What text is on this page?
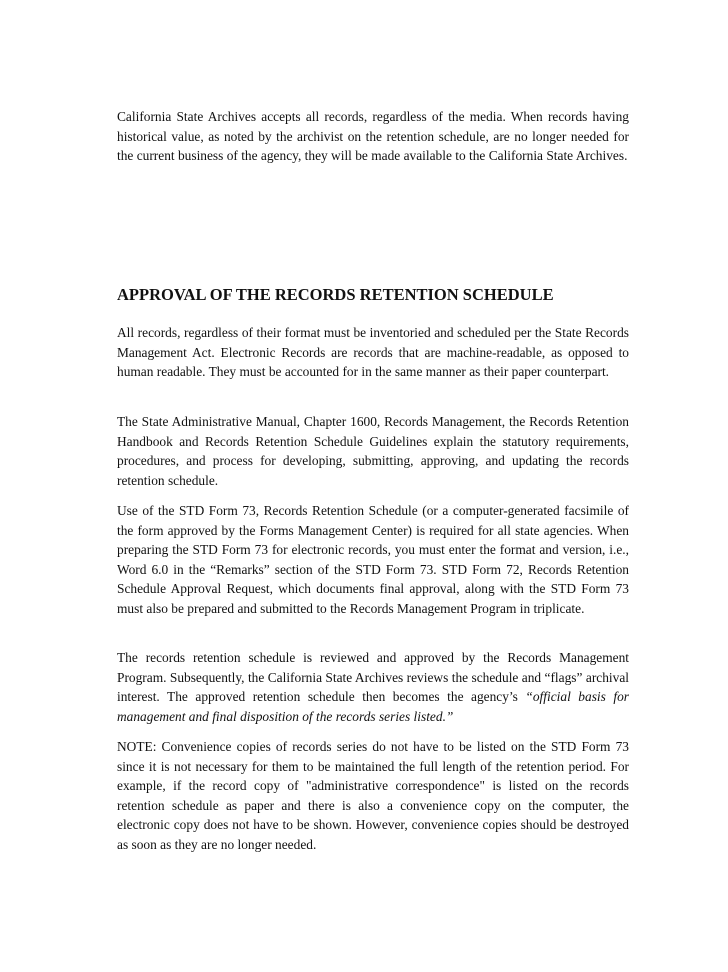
California State Archives accepts all records, regardless of the media. When records having historical value, as noted by the archivist on the retention schedule, are no longer needed for the current business of the agency, they will be made available to the California State Archives.

APPROVAL OF THE RECORDS RETENTION SCHEDULE

All records, regardless of their format must be inventoried and scheduled per the State Records Management Act. Electronic Records are records that are machine-readable, as opposed to human readable. They must be accounted for in the same manner as their paper counterpart.

The State Administrative Manual, Chapter 1600, Records Management, the Records Retention Handbook and Records Retention Schedule Guidelines explain the statutory requirements, procedures, and process for developing, submitting, approving, and updating the records retention schedule.

Use of the STD Form 73, Records Retention Schedule (or a computer-generated facsimile of the form approved by the Forms Management Center) is required for all state agencies. When preparing the STD Form 73 for electronic records, you must enter the format and version, i.e., Word 6.0 in the “Remarks” section of the STD Form 73. STD Form 72, Records Retention Schedule Approval Request, which documents final approval, along with the STD Form 73 must also be prepared and submitted to the Records Management Program in triplicate.

The records retention schedule is reviewed and approved by the Records Management Program. Subsequently, the California State Archives reviews the schedule and “flags” archival interest. The approved retention schedule then becomes the agency’s “official basis for management and final disposition of the records series listed.”

NOTE: Convenience copies of records series do not have to be listed on the STD Form 73 since it is not necessary for them to be maintained the full length of the retention period. For example, if the record copy of "administrative correspondence" is listed on the records retention schedule as paper and there is also a convenience copy on the computer, the electronic copy does not have to be shown. However, convenience copies should be destroyed as soon as they are no longer needed.
